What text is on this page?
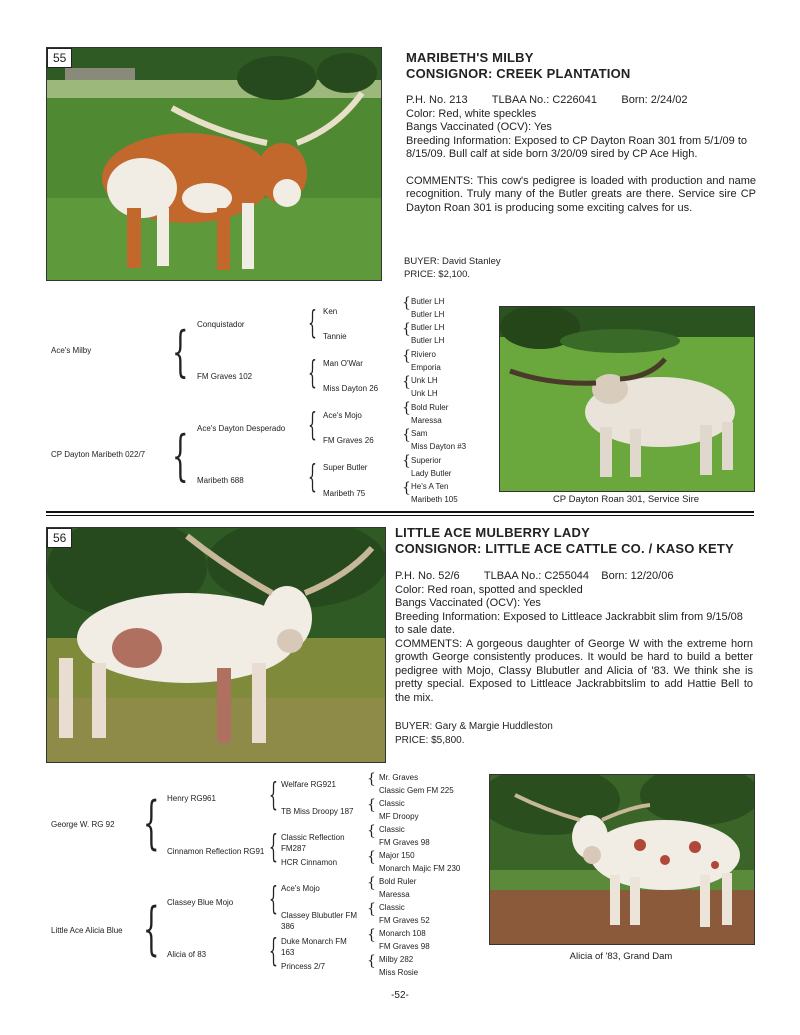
55	MARIBETH'S MILBY
CONSIGNOR: CREEK PLANTATION

P.H. No. 213        TLBAA No.: C226041        Born: 2/24/02

Color: Red, white speckles

Bangs Vaccinated (OCV): Yes

Breeding Information: Exposed to CP Dayton Roan 301 from 5/1/09 to 8/15/09. Bull calf at side born 3/20/09 sired by CP Ace High.

COMMENTS: This cow's pedigree is loaded with production and name recognition. Truly many of the Butler greats are there. Service sire CP Dayton Roan 301 is producing some exciting calves for us.

BUYER: David Stanley
PRICE: $2,100.
Ace's Milby
CP Dayton Maribeth 022/7
{
{
Conquistador
FM Graves 102
Ace's Dayton Desperado
Maribeth 688
{
{
{
{
Ken
Tannie
Man O'War
Miss Dayton 26
Ace's Mojo
FM Graves 26
Super Butler
Maribeth 75
{
{
{
{
{
{
{
{
Butler LH
Butler LH
Butler LH
Butler LH
Riviero
Emporia
Unk LH
Unk LH
Bold Ruler
Maressa
Sam
Miss Dayton #3
Superior
Lady Butler
He's A Ten
Maribeth 105	CP Dayton Roan 301, Service Sire
56	LITTLE ACE MULBERRY LADY
CONSIGNOR: LITTLE ACE CATTLE CO. / KASO KETY

P.H. No. 52/6        TLBAA No.: C255044    Born: 12/20/06

Color: Red roan, spotted and speckled

Bangs Vaccinated (OCV): Yes

Breeding Information: Exposed to Littleace Jackrabbit slim from 9/15/08 to sale date.

COMMENTS: A gorgeous daughter of George W with the extreme horn growth George consistently produces. It would be hard to build a better pedigree with Mojo, Classy Blubutler and Alicia of '83. We think she is pretty special. Exposed to Littleace Jackrabbitslim to add Hattie Bell to the mix.

BUYER: Gary & Margie Huddleston
PRICE: $5,800.
George W. RG 92
Little Ace Alicia Blue
{
{
Henry RG961
Cinnamon Reflection RG91
Classey Blue Mojo
Alicia of 83
{
{
{
{
Welfare RG921
TB Miss Droopy 187
Classic Reflection FM287
HCR Cinnamon
Ace's Mojo
Classey Blubutler FM 386
Duke Monarch FM 163
Princess 2/7
{
{
{
{
{
{
{
{
Mr. Graves
Classic Gem FM 225
Classic
MF Droopy
Classic
FM Graves 98
Major 150
Monarch Majic FM 230
Bold Ruler
Maressa
Classic
FM Graves 52
Monarch 108
FM Graves 98
Milby 282
Miss Rosie
Alicia of '83, Grand Dam
-52-
